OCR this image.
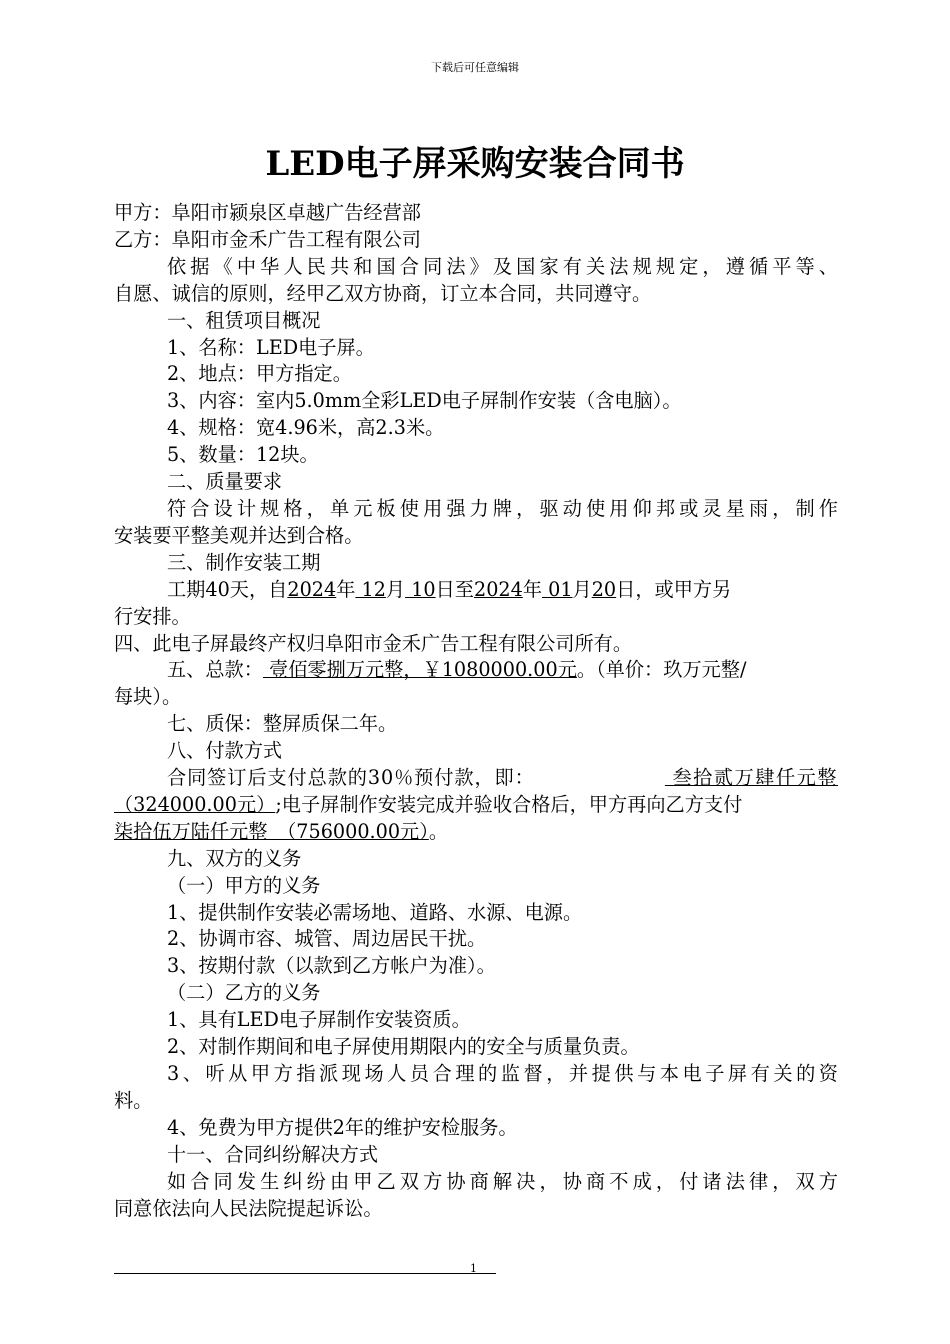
下载后可任意编辑
LED电子屏采购安装合同书
甲方：阜阳市颍泉区卓越广告经营部
乙方：阜阳市金禾广告工程有限公司
依据《中华人民共和国合同法》及国家有关法规规定，遵循平等、
自愿、诚信的原则，经甲乙双方协商，订立本合同，共同遵守。
一、租赁项目概况
1、名称：LED电子屏。
2、地点：甲方指定。
3、内容：室内5.0mm全彩LED电子屏制作安装（含电脑）。
4、规格：宽4.96米，高2.3米。
5、数量：12块。
二、质量要求
符合设计规格，单元板使用强力牌，驱动使用仰邦或灵星雨，制作
安装要平整美观并达到合格。
三、制作安装工期
工期40天，自2024年 12月 10日至2024年 01月20日，或甲方另
行安排。
四、此电子屏最终产权归阜阳市金禾广告工程有限公司所有。
五、总款： 壹佰零捌万元整，￥1080000.00元。（单价：玖万元整/
每块）。
七、质保：整屏质保二年。
八、付款方式
合同签订后支付总款的30％预付款，即：	叁拾贰万肆仟元整
（324000.00元）;电子屏制作安装完成并验收合格后，甲方再向乙方支付
柒拾伍万陆仟元整　（756000.00元）。
九、双方的义务
（一）甲方的义务
1、提供制作安装必需场地、道路、水源、电源。
2、协调市容、城管、周边居民干扰。
3、按期付款（以款到乙方帐户为准）。
（二）乙方的义务
1、具有LED电子屏制作安装资质。
2、对制作期间和电子屏使用期限内的安全与质量负责。
3、听从甲方指派现场人员合理的监督，并提供与本电子屏有关的资
料。
4、免费为甲方提供2年的维护安检服务。
十一、合同纠纷解决方式
如合同发生纠纷由甲乙双方协商解决，协商不成，付诸法律，双方
同意依法向人民法院提起诉讼。
1
